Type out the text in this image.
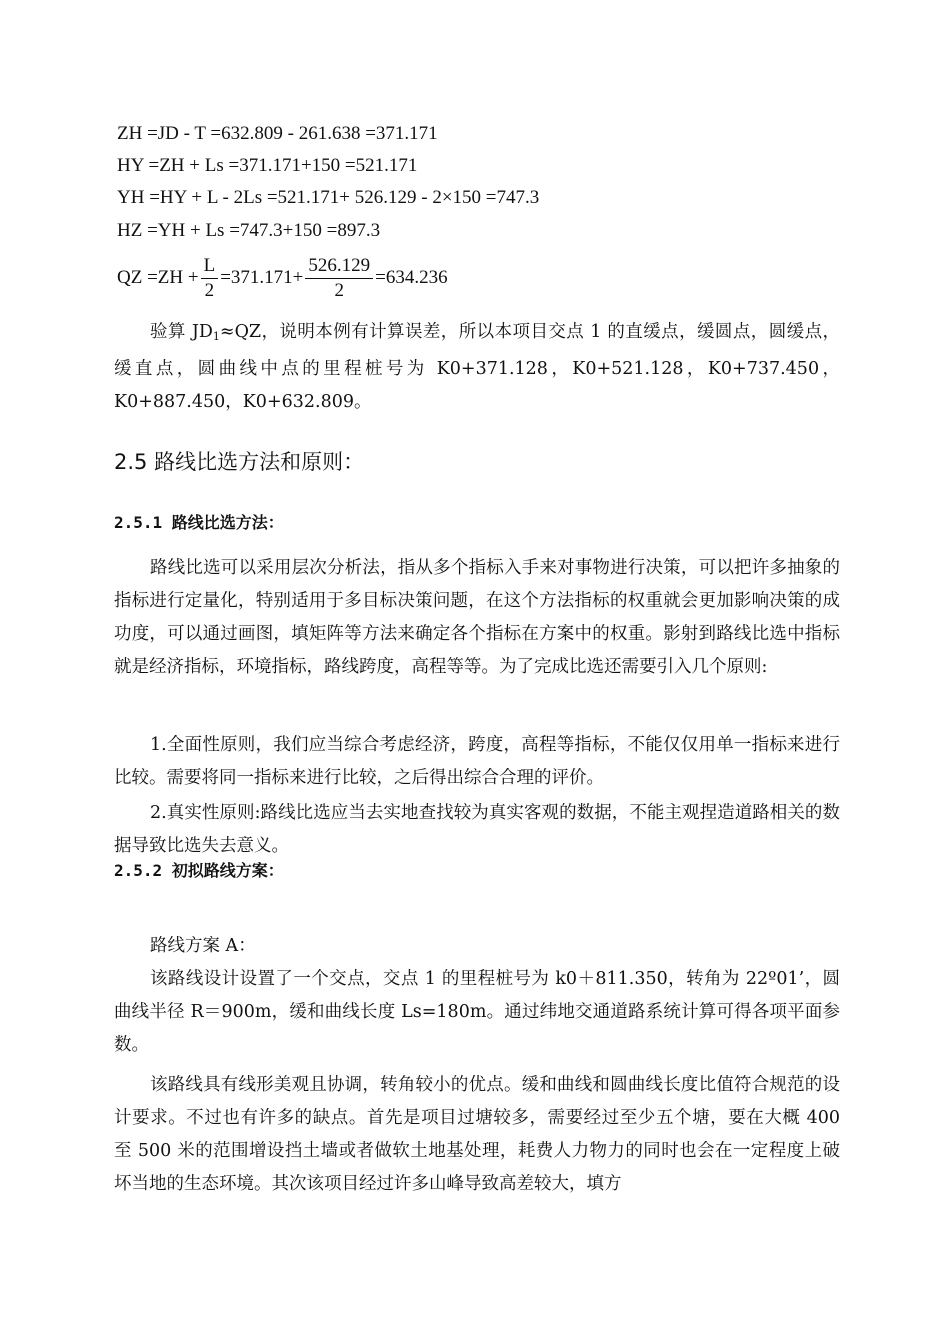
ZH =JD - T =632.809 - 261.638 =371.171
HY =ZH + Ls =371.171+150 =521.171
YH =HY + L - 2Ls =521.171+ 526.129 - 2×150 =747.3
HZ =YH + Ls =747.3+150 =897.3
QZ $=ZH + \frac{L}{2} =371.171+ \frac{526.129}{2} =634.236$

验算 $JD_1\approx QZ$，说明本例有计算误差，所以本项目交点 1 的直缓点，缓圆点，圆缓点，缓直点，圆曲线中点的里程桩号为 K0+371.128，K0+521.128，K0+737.450，K0+887.450，K0+632.809。

2.5 路线比选方法和原则：
2.5.1 路线比选方法：

路线比选可以采用层次分析法，指从多个指标入手来对事物进行决策，可以把许多抽象的指标进行定量化，特别适用于多目标决策问题，在这个方法指标的权重就会更加影响决策的成功度，可以通过画图，填矩阵等方法来确定各个指标在方案中的权重。影射到路线比选中指标就是经济指标，环境指标，路线跨度，高程等等。为了完成比选还需要引入几个原则:

1.全面性原则，我们应当综合考虑经济，跨度，高程等指标，不能仅仅用单一指标来进行比较。需要将同一指标来进行比较，之后得出综合合理的评价。

2.真实性原则:路线比选应当去实地查找较为真实客观的数据，不能主观捏造道路相关的数据导致比选失去意义。

2.5.2 初拟路线方案：

路线方案 A：

该路线设计设置了一个交点，交点 1 的里程桩号为 k0＋811.350，转角为 22º01’，圆曲线半径 R＝900m，缓和曲线长度 Ls=180m。通过纬地交通道路系统计算可得各项平面参数。

该路线具有线形美观且协调，转角较小的优点。缓和曲线和圆曲线长度比值符合规范的设计要求。不过也有许多的缺点。首先是项目过塘较多，需要经过至少五个塘，要在大概 400 至 500 米的范围增设挡土墙或者做软土地基处理，耗费人力物力的同时也会在一定程度上破坏当地的生态环境。其次该项目经过许多山峰导致高差较大，填方
